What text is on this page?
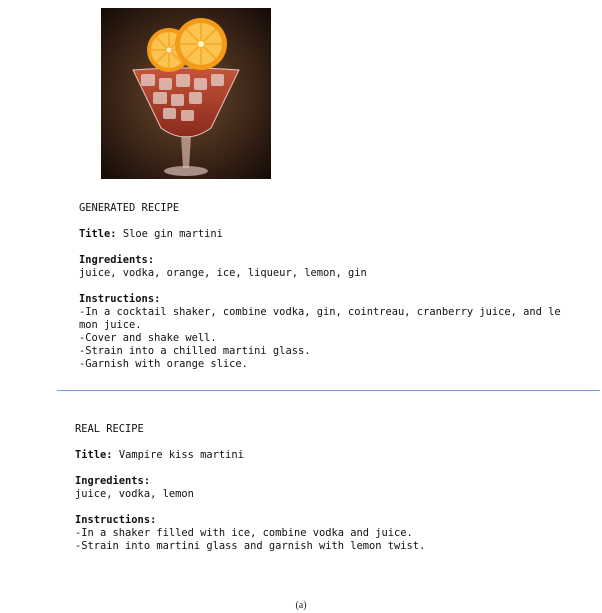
GENERATED RECIPE
Title: Sloe gin martini
Ingredients:
juice, vodka, orange, ice, liqueur, lemon, gin
Instructions:
-In a cocktail shaker, combine vodka, gin, cointreau, cranberry juice, and le
mon juice.
-Cover and shake well.
-Strain into a chilled martini glass.
-Garnish with orange slice.
REAL RECIPE
Title: Vampire kiss martini
Ingredients:
juice, vodka, lemon
Instructions:
-In a shaker filled with ice, combine vodka and juice.
-Strain into martini glass and garnish with lemon twist.
(a)
